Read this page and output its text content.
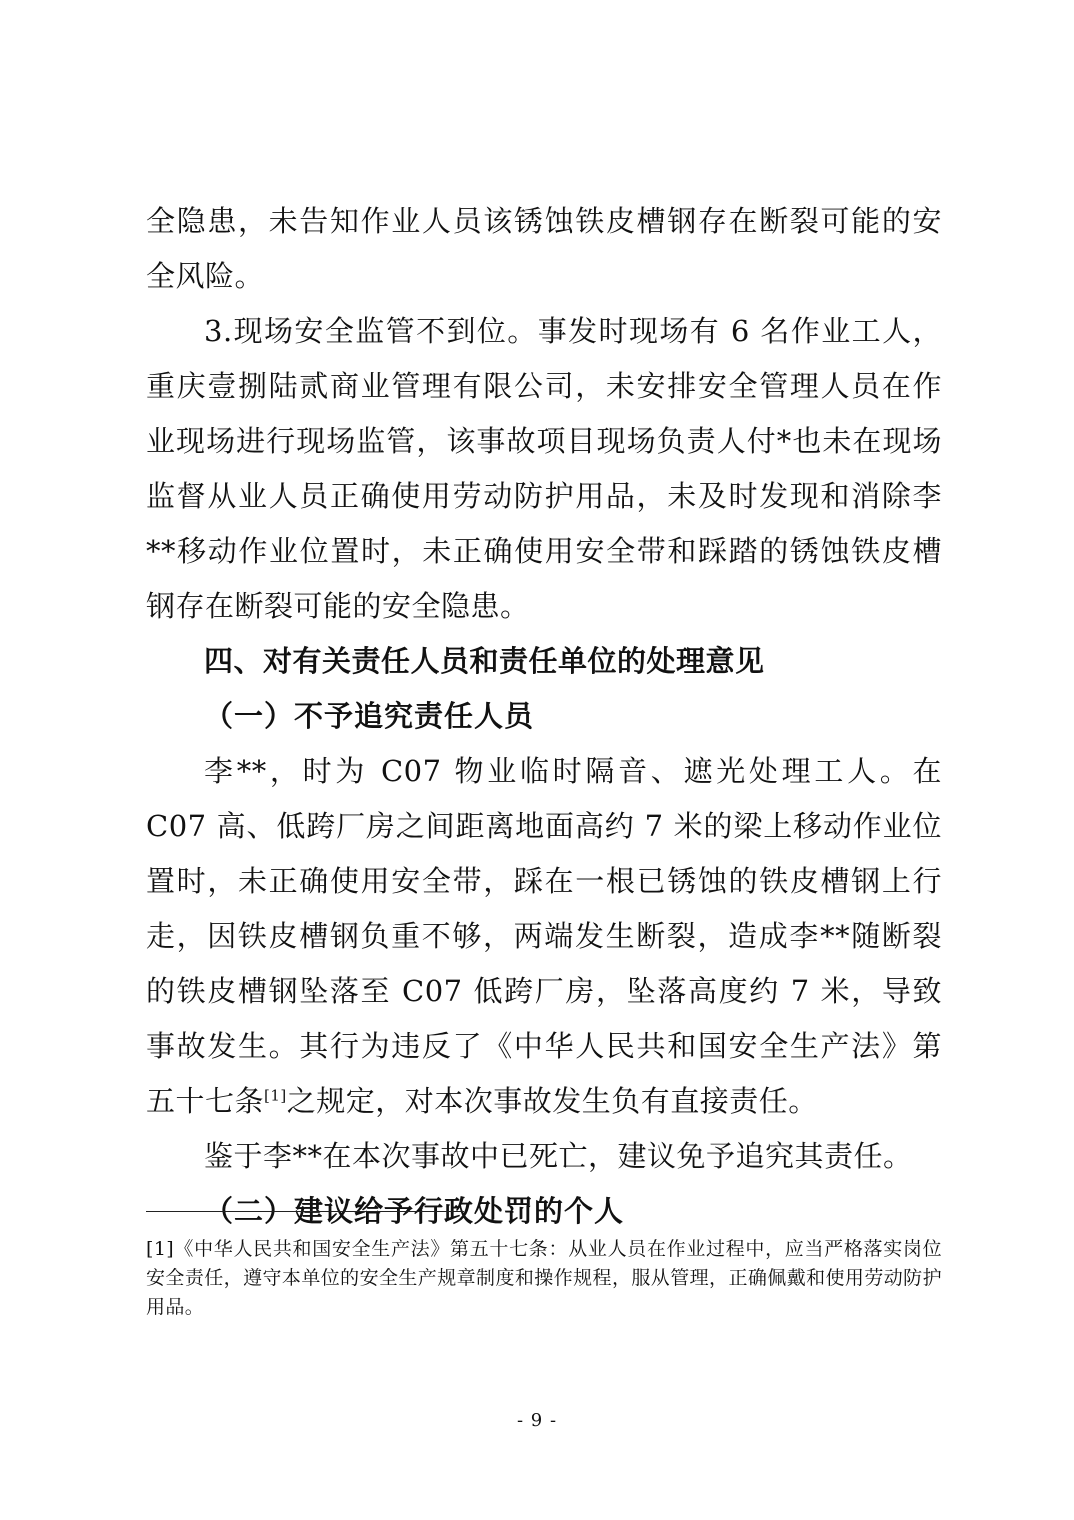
全隐患，未告知作业人员该锈蚀铁皮槽钢存在断裂可能的安全风险。

3.现场安全监管不到位。事发时现场有 6 名作业工人，重庆壹捌陆贰商业管理有限公司，未安排安全管理人员在作业现场进行现场监管，该事故项目现场负责人付*也未在现场监督从业人员正确使用劳动防护用品，未及时发现和消除李**移动作业位置时，未正确使用安全带和踩踏的锈蚀铁皮槽钢存在断裂可能的安全隐患。

四、对有关责任人员和责任单位的处理意见

（一）不予追究责任人员

李**，时为 C07 物业临时隔音、遮光处理工人。在 C07 高、低跨厂房之间距离地面高约 7 米的梁上移动作业位置时，未正确使用安全带，踩在一根已锈蚀的铁皮槽钢上行走，因铁皮槽钢负重不够，两端发生断裂，造成李**随断裂的铁皮槽钢坠落至 C07 低跨厂房，坠落高度约 7 米，导致事故发生。其行为违反了《中华人民共和国安全生产法》第五十七条[1]之规定，对本次事故发生负有直接责任。

鉴于李**在本次事故中已死亡，建议免予追究其责任。

（二）建议给予行政处罚的个人

[1]《中华人民共和国安全生产法》第五十七条：从业人员在作业过程中，应当严格落实岗位安全责任，遵守本单位的安全生产规章制度和操作规程，服从管理，正确佩戴和使用劳动防护用品。

- 9 -
